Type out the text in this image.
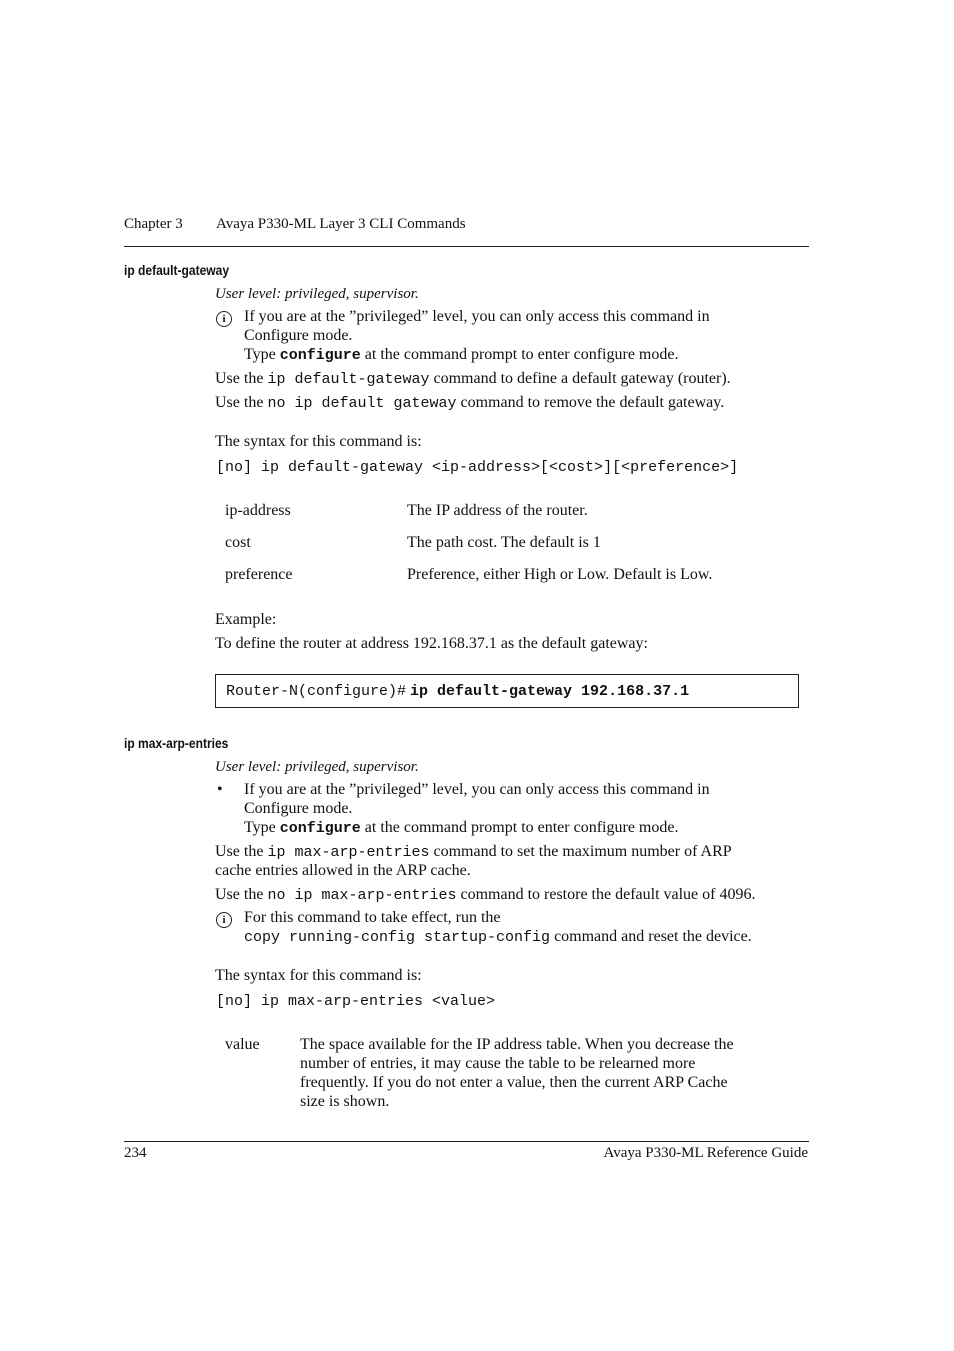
Chapter 3 Avaya P330-ML Layer 3 CLI Commands
ip default-gateway
User level: privileged, supervisor.
i	If you are at the ”privileged” level, you can only access this command in
Configure mode.
Type configure at the command prompt to enter configure mode.
Use the ip default-gateway command to define a default gateway (router).
Use the no ip default gateway command to remove the default gateway.
The syntax for this command is:
[no] ip default-gateway <ip-address>[<cost>][<preference>]
ip-address	The IP address of the router.
cost	The path cost. The default is 1
preference	Preference, either High or Low. Default is Low.
Example:
To define the router at address 192.168.37.1 as the default gateway:
Router-N(configure)# ip default-gateway 192.168.37.1
ip max-arp-entries
User level: privileged, supervisor.
• If you are at the ”privileged” level, you can only access this command in
Configure mode.
Type configure at the command prompt to enter configure mode.
Use the ip max-arp-entries command to set the maximum number of ARP
cache entries allowed in the ARP cache.
Use the no ip max-arp-entries command to restore the default value of 4096.
i	For this command to take effect, run the
copy running-config startup-config command and reset the device.
The syntax for this command is:
[no] ip max-arp-entries <value>
value	The space available for the IP address table. When you decrease the
number of entries, it may cause the table to be relearned more
frequently. If you do not enter a value, then the current ARP Cache
size is shown.
234	Avaya P330-ML Reference Guide
